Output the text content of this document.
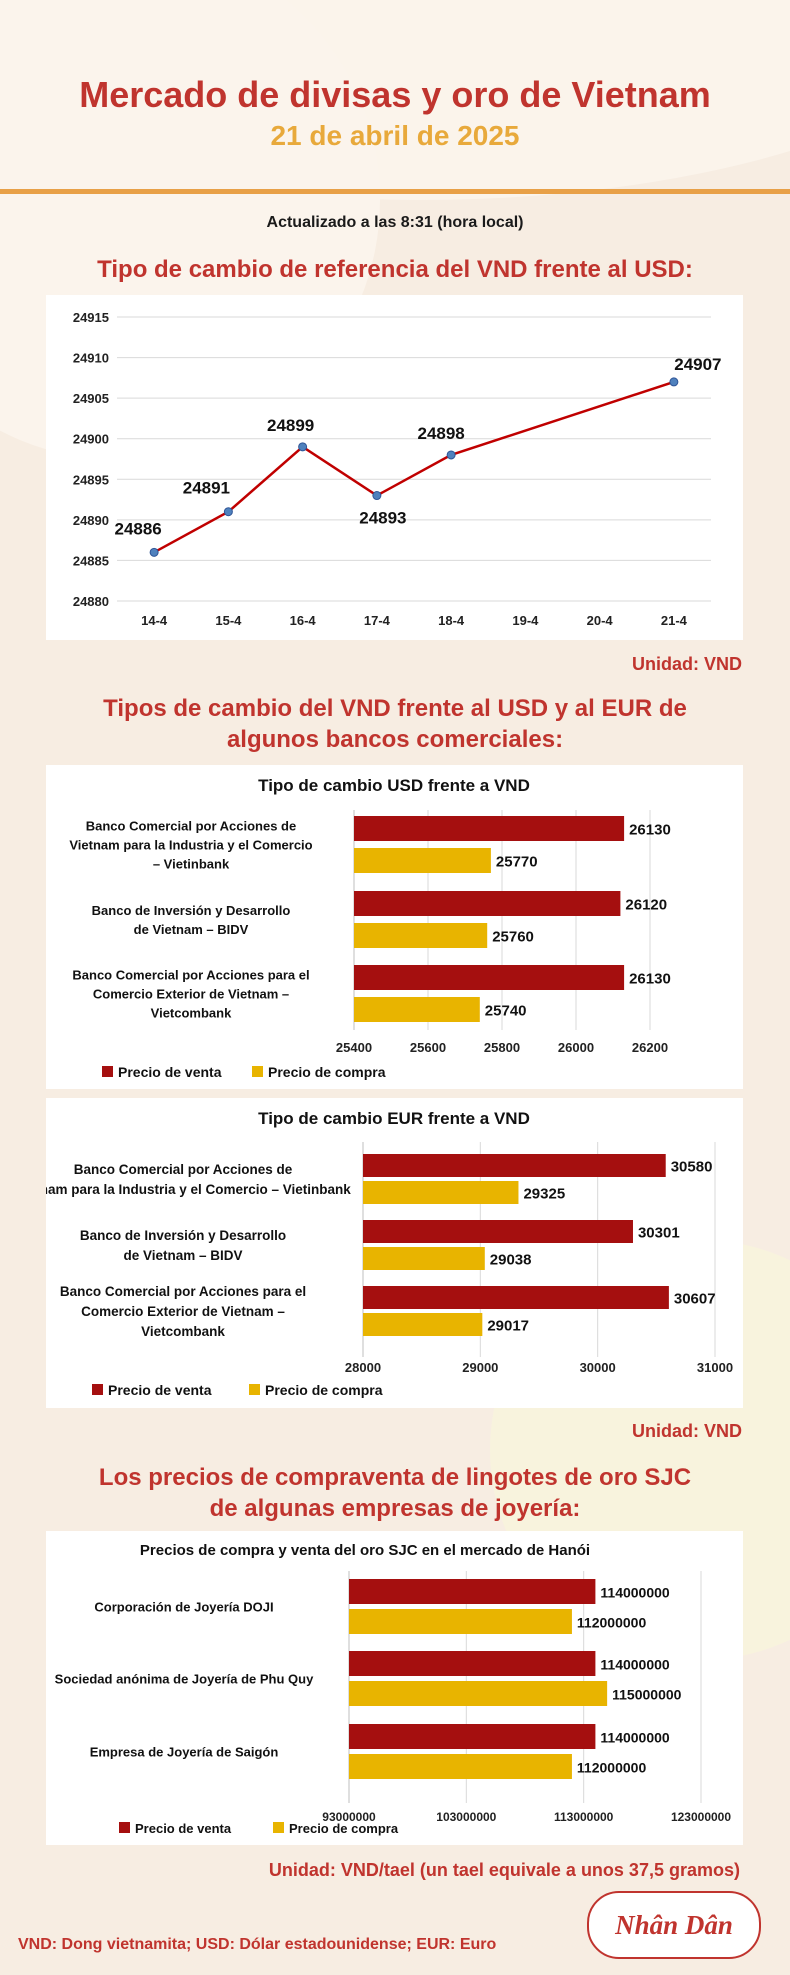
Mercado de divisas y oro de Vietnam
21 de abril de 2025
Actualizado a las 8:31 (hora local)
Tipo de cambio de referencia del VND frente al USD:
24880
24885
24890
24895
24900
24905
24910
24915
14-4	15-4	16-4	17-4	18-4	19-4	20-4	21-4
24886
24891
24899
24893
24898
24907
Unidad: VND
Tipos de cambio del VND frente al USD y al EUR de algunos bancos comerciales:
Tipo de cambio USD frente a VND
25400	25600	25800	26000	26200
26130
25770
Banco Comercial por Acciones de Vietnam para la Industria y el Comercio – Vietinbank
26120
25760
Banco de Inversión y Desarrollo de Vietnam – BIDV
26130
25740
Banco Comercial por Acciones para el Comercio Exterior de Vietnam – Vietcombank
Precio de venta	Precio de compra
Tipo de cambio EUR frente a VND
28000	29000	30000	31000
30580
29325
Banco Comercial por Acciones de Vietnam para la Industria y el Comercio – Vietinbank
30301
29038
Banco de Inversión y Desarrollo de Vietnam – BIDV
30607
29017
Banco Comercial por Acciones para el Comercio Exterior de Vietnam – Vietcombank
Precio de venta	Precio de compra
Unidad: VND
Los precios de compraventa de lingotes de oro SJC de algunas empresas de joyería:
Precios de compra y venta del oro SJC en el mercado de Hanói
93000000	103000000	113000000	123000000
114000000
112000000
Corporación de Joyería DOJI
114000000
115000000
Sociedad anónima de Joyería de Phu Quy
114000000
112000000
Empresa de Joyería de Saigón
Precio de venta	Precio de compra
Unidad: VND/tael (un tael equivale a unos 37,5 gramos)
VND: Dong vietnamita; USD: Dólar estadounidense; EUR: Euro
Nhân Dân
